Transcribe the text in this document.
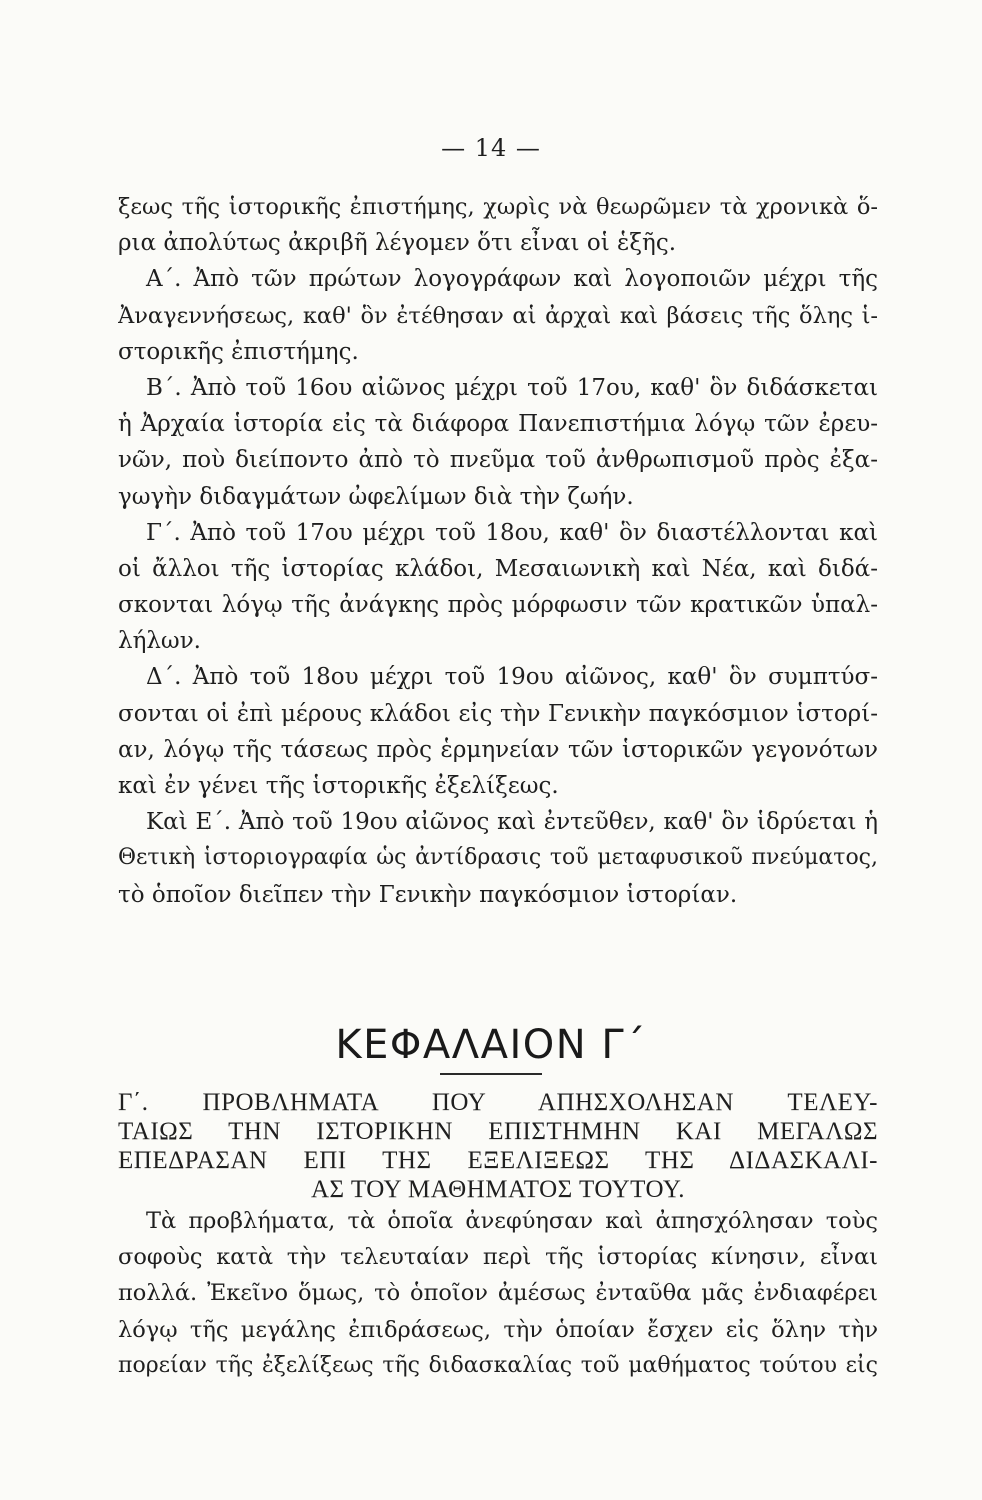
— 14 —
ξεως τῆς ἱστορικῆς ἐπιστήμης, χωρὶς νὰ θεωρῶμεν τὰ χρονικὰ ὅ-
ρια ἀπολύτως ἀκριβῆ λέγομεν ὅτι εἶναι οἱ ἑξῆς.
Α΄. Ἀπὸ τῶν πρώτων λογογράφων καὶ λογοποιῶν μέχρι τῆς
Ἀναγεννήσεως, καθ' ὃν ἐτέθησαν αἱ ἀρχαὶ καὶ βάσεις τῆς ὅλης ἱ-
στορικῆς ἐπιστήμης.
Β΄. Ἀπὸ τοῦ 16ου αἰῶνος μέχρι τοῦ 17ου, καθ' ὃν διδάσκεται
ἡ Ἀρχαία ἱστορία εἰς τὰ διάφορα Πανεπιστήμια λόγῳ τῶν ἐρευ-
νῶν, ποὺ διείποντο ἀπὸ τὸ πνεῦμα τοῦ ἀνθρωπισμοῦ πρὸς ἐξα-
γωγὴν διδαγμάτων ὠφελίμων διὰ τὴν ζωήν.
Γ΄. Ἀπὸ τοῦ 17ου μέχρι τοῦ 18ου, καθ' ὃν διαστέλλονται καὶ
οἱ ἄλλοι τῆς ἱστορίας κλάδοι, Μεσαιωνικὴ καὶ Νέα, καὶ διδά-
σκονται λόγῳ τῆς ἀνάγκης πρὸς μόρφωσιν τῶν κρατικῶν ὑπαλ-
λήλων.
Δ΄. Ἀπὸ τοῦ 18ου μέχρι τοῦ 19ου αἰῶνος, καθ' ὃν συμπτύσ-
σονται οἱ ἐπὶ μέρους κλάδοι εἰς τὴν Γενικὴν παγκόσμιον ἱστορί-
αν, λόγῳ τῆς τάσεως πρὸς ἑρμηνείαν τῶν ἱστορικῶν γεγονότων
καὶ ἐν γένει τῆς ἱστορικῆς ἐξελίξεως.
Καὶ Ε΄. Ἀπὸ τοῦ 19ου αἰῶνος καὶ ἐντεῦθεν, καθ' ὃν ἱδρύεται ἡ
Θετικὴ ἱστοριογραφία ὡς ἀντίδρασις τοῦ μεταφυσικοῦ πνεύματος,
τὸ ὁποῖον διεῖπεν τὴν Γενικὴν παγκόσμιον ἱστορίαν.
ΚΕΦΑΛΑΙΟΝ Γ΄
Γ΄. ΠΡΟΒΛΗΜΑΤΑ ΠΟΥ ΑΠΗΣΧΟΛΗΣΑΝ ΤΕΛΕΥ-
ΤΑΙΩΣ ΤΗΝ ΙΣΤΟΡΙΚΗΝ ΕΠΙΣΤΗΜΗΝ ΚΑΙ ΜΕΓΑΛΩΣ
ΕΠΕΔΡΑΣΑΝ ΕΠΙ ΤΗΣ ΕΞΕΛΙΞΕΩΣ ΤΗΣ ΔΙΔΑΣΚΑΛΙ-
ΑΣ ΤΟΥ ΜΑΘΗΜΑΤΟΣ ΤΟΥΤΟΥ.
Τὰ προβλήματα, τὰ ὁποῖα ἀνεφύησαν καὶ ἀπησχόλησαν τοὺς
σοφοὺς κατὰ τὴν τελευταίαν περὶ τῆς ἱστορίας κίνησιν, εἶναι
πολλά. Ἐκεῖνο ὅμως, τὸ ὁποῖον ἀμέσως ἐνταῦθα μᾶς ἐνδιαφέρει
λόγῳ τῆς μεγάλης ἐπιδράσεως, τὴν ὁποίαν ἔσχεν εἰς ὅλην τὴν
πορείαν τῆς ἐξελίξεως τῆς διδασκαλίας τοῦ μαθήματος τούτου εἰς
